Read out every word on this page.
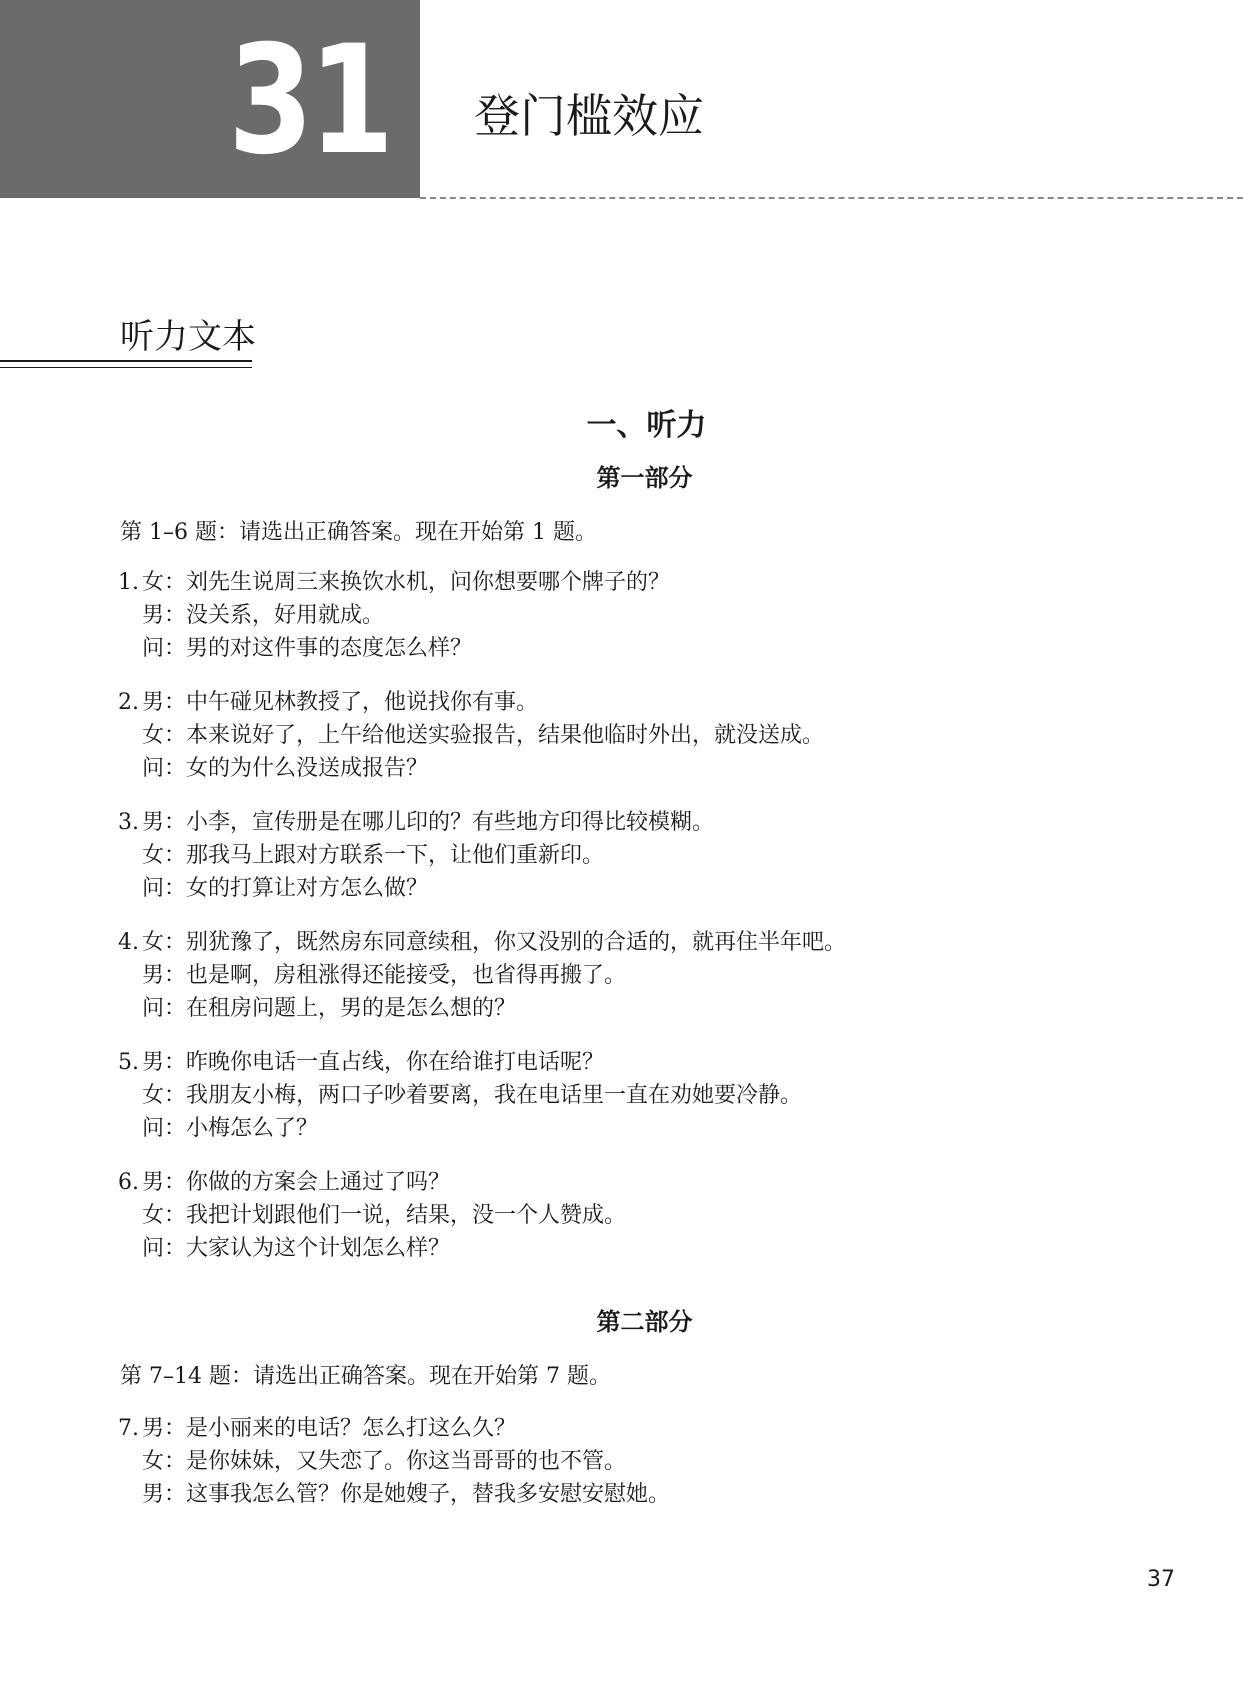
31 登门槛效应
听力文本
一、听力
第一部分
第 1–6 题：请选出正确答案。现在开始第 1 题。
1. 女：刘先生说周三来换饮水机，问你想要哪个牌子的？
男：没关系，好用就成。
问：男的对这件事的态度怎么样？
2. 男：中午碰见林教授了，他说找你有事。
女：本来说好了，上午给他送实验报告，结果他临时外出，就没送成。
问：女的为什么没送成报告？
3. 男：小李，宣传册是在哪儿印的？有些地方印得比较模糊。
女：那我马上跟对方联系一下，让他们重新印。
问：女的打算让对方怎么做？
4. 女：别犹豫了，既然房东同意续租，你又没别的合适的，就再住半年吧。
男：也是啊，房租涨得还能接受，也省得再搬了。
问：在租房问题上，男的是怎么想的？
5. 男：昨晚你电话一直占线，你在给谁打电话呢？
女：我朋友小梅，两口子吵着要离，我在电话里一直在劝她要冷静。
问：小梅怎么了？
6. 男：你做的方案会上通过了吗？
女：我把计划跟他们一说，结果，没一个人赞成。
问：大家认为这个计划怎么样？
第二部分
第 7–14 题：请选出正确答案。现在开始第 7 题。
7. 男：是小丽来的电话？怎么打这么久？
女：是你妹妹，又失恋了。你这当哥哥的也不管。
男：这事我怎么管？你是她嫂子，替我多安慰安慰她。
37
